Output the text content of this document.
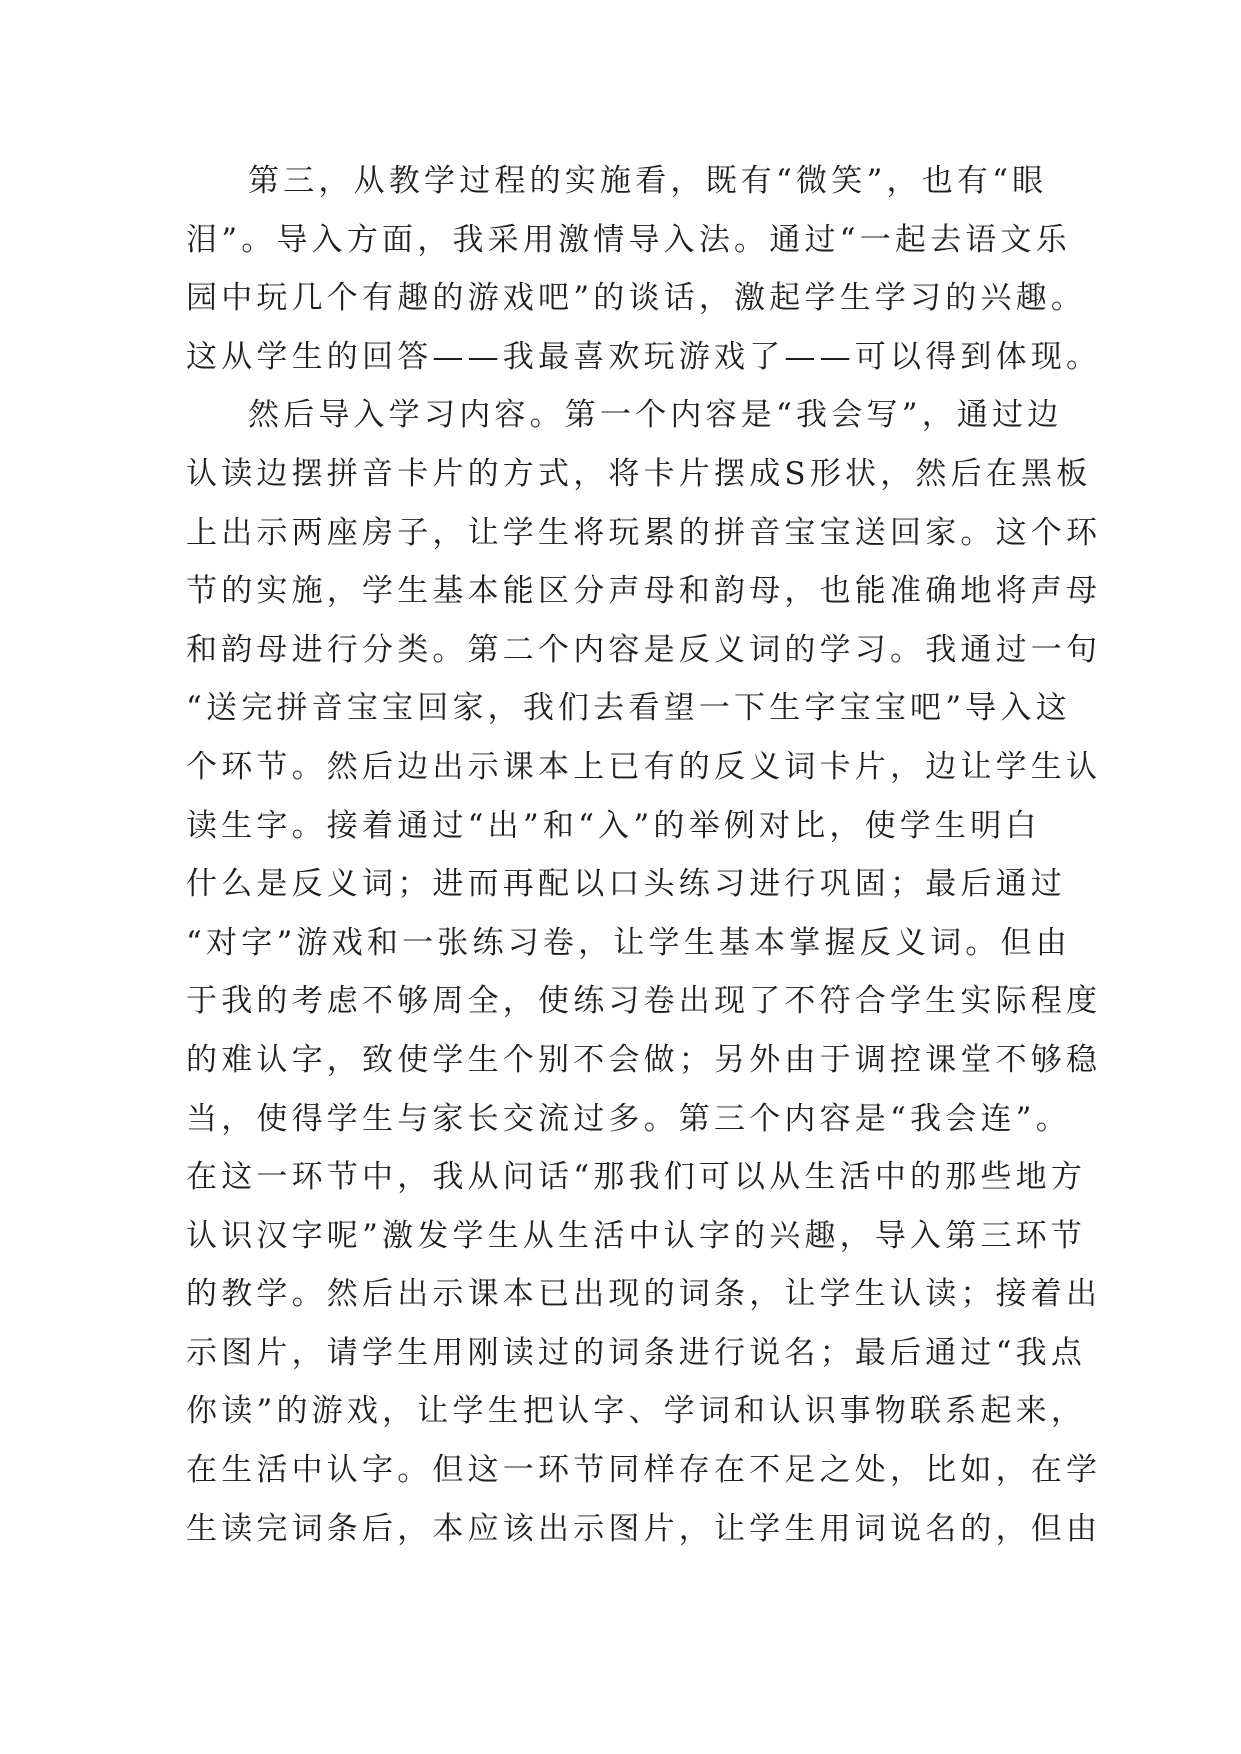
第三，从教学过程的实施看，既有“微笑”，也有“眼
泪”。导入方面，我采用激情导入法。通过“一起去语文乐
园中玩几个有趣的游戏吧”的谈话，激起学生学习的兴趣。
这从学生的回答——我最喜欢玩游戏了——可以得到体现。
然后导入学习内容。第一个内容是“我会写”，通过边
认读边摆拼音卡片的方式，将卡片摆成S形状，然后在黑板
上出示两座房子，让学生将玩累的拼音宝宝送回家。这个环
节的实施，学生基本能区分声母和韵母，也能准确地将声母
和韵母进行分类。第二个内容是反义词的学习。我通过一句
“送完拼音宝宝回家，我们去看望一下生字宝宝吧”导入这
个环节。然后边出示课本上已有的反义词卡片，边让学生认
读生字。接着通过“出”和“入”的举例对比，使学生明白
什么是反义词；进而再配以口头练习进行巩固；最后通过
“对字”游戏和一张练习卷，让学生基本掌握反义词。但由
于我的考虑不够周全，使练习卷出现了不符合学生实际程度
的难认字，致使学生个别不会做；另外由于调控课堂不够稳
当，使得学生与家长交流过多。第三个内容是“我会连”。
在这一环节中，我从问话“那我们可以从生活中的那些地方
认识汉字呢”激发学生从生活中认字的兴趣，导入第三环节
的教学。然后出示课本已出现的词条，让学生认读；接着出
示图片，请学生用刚读过的词条进行说名；最后通过“我点
你读”的游戏，让学生把认字、学词和认识事物联系起来，
在生活中认字。但这一环节同样存在不足之处，比如，在学
生读完词条后，本应该出示图片，让学生用词说名的，但由
